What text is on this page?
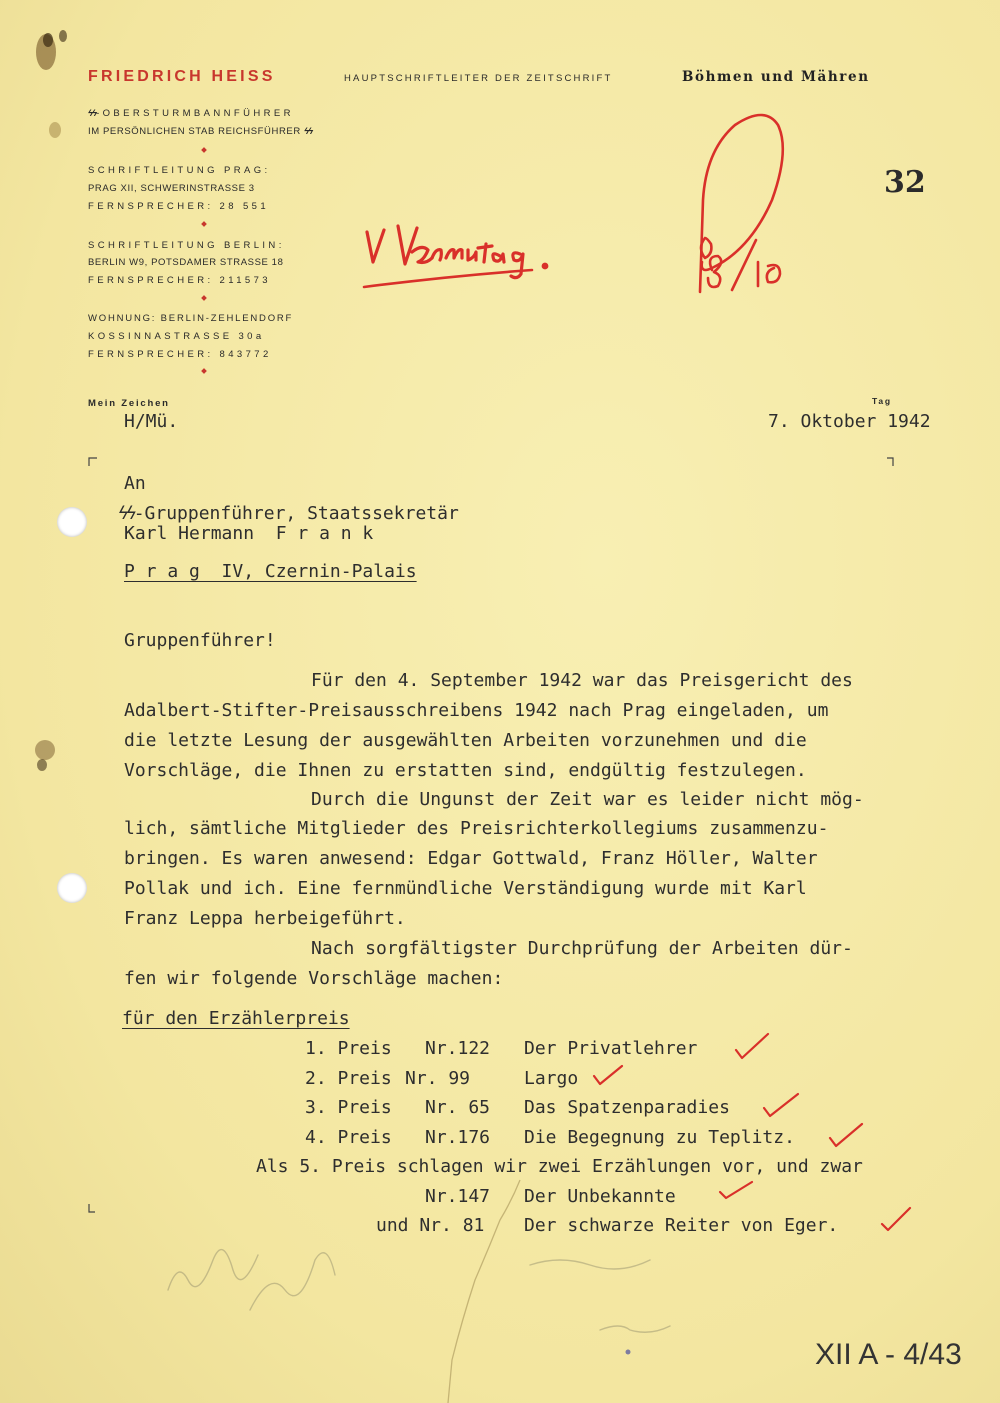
FRIEDRICH HEISS	HAUPTSCHRIFTLEITER DER ZEITSCHRIFT	Böhmen und Mähren
ϟϟ-OBERSTURMBANNFÜHRER
IM PERSÖNLICHEN STAB REICHSFÜHRER ϟϟ
SCHRIFTLEITUNG PRAG:
PRAG XII, SCHWERINSTRASSE 3
FERNSPRECHER: 28 551
SCHRIFTLEITUNG BERLIN:
BERLIN W9, POTSDAMER STRASSE 18
FERNSPRECHER: 211573
WOHNUNG: BERLIN-ZEHLENDORF
KOSSINNASTRASSE 30a
FERNSPRECHER: 843772
Mein Zeichen	Tag
32
H/Mü.	7. Oktober 1942
An
ϟϟ-Gruppenführer, Staatssekretär
Karl Hermann  F r a n k
P r a g  IV, Czernin-Palais
Gruppenführer!
Für den 4. September 1942 war das Preisgericht des
Adalbert-Stifter-Preisausschreibens 1942 nach Prag eingeladen, um
die letzte Lesung der ausgewählten Arbeiten vorzunehmen und die
Vorschläge, die Ihnen zu erstatten sind, endgültig festzulegen.
Durch die Ungunst der Zeit war es leider nicht mög-
lich, sämtliche Mitglieder des Preisrichterkollegiums zusammenzu-
bringen. Es waren anwesend: Edgar Gottwald, Franz Höller, Walter
Pollak und ich. Eine fernmündliche Verständigung wurde mit Karl
Franz Leppa herbeigeführt.
Nach sorgfältigster Durchprüfung der Arbeiten dür-
fen wir folgende Vorschläge machen:
für den Erzählerpreis
1. Preis Nr.122 Der Privatlehrer
2. Preis Nr. 99	Largo
3. Preis Nr. 65 Das Spatzenparadies
4. Preis Nr.176 Die Begegnung zu Teplitz.
Als 5. Preis schlagen wir zwei Erzählungen vor, und zwar
Nr.147 Der Unbekannte
und Nr. 81 Der schwarze Reiter von Eger.
XII A - 4/43
